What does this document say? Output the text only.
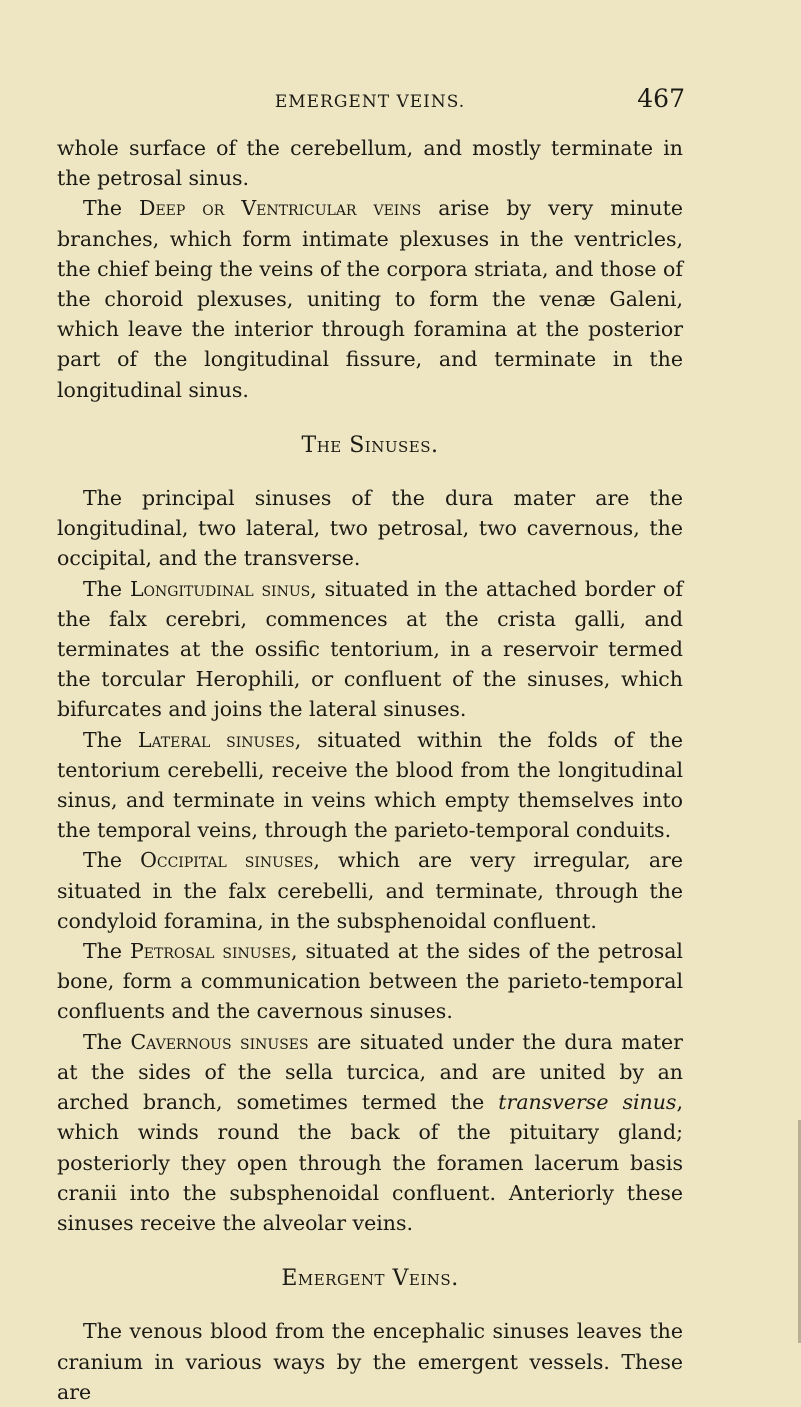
EMERGENT VEINS.	467

whole surface of the cerebellum, and mostly terminate in the petrosal sinus.

The Deep or Ventricular veins arise by very minute branches, which form intimate plexuses in the ventricles, the chief being the veins of the corpora striata, and those of the choroid plexuses, uniting to form the venæ Galeni, which leave the interior through foramina at the posterior part of the longitudinal fissure, and terminate in the longitudinal sinus.

The Sinuses.

The principal sinuses of the dura mater are the longitudinal, two lateral, two petrosal, two cavernous, the occipital, and the transverse.

The Longitudinal sinus, situated in the attached border of the falx cerebri, commences at the crista galli, and terminates at the ossific tentorium, in a reservoir termed the torcular Herophili, or confluent of the sinuses, which bifurcates and joins the lateral sinuses.

The Lateral sinuses, situated within the folds of the tentorium cerebelli, receive the blood from the longitudinal sinus, and terminate in veins which empty themselves into the temporal veins, through the parieto-temporal conduits.

The Occipital sinuses, which are very irregular, are situated in the falx cerebelli, and terminate, through the condyloid foramina, in the subsphenoidal confluent.

The Petrosal sinuses, situated at the sides of the petrosal bone, form a communication between the parieto-temporal confluents and the cavernous sinuses.

The Cavernous sinuses are situated under the dura mater at the sides of the sella turcica, and are united by an arched branch, sometimes termed the transverse sinus, which winds round the back of the pituitary gland; posteriorly they open through the foramen lacerum basis cranii into the subsphenoidal confluent. Anteriorly these sinuses receive the alveolar veins.

Emergent Veins.

The venous blood from the encephalic sinuses leaves the cranium in various ways by the emergent vessels. These are
